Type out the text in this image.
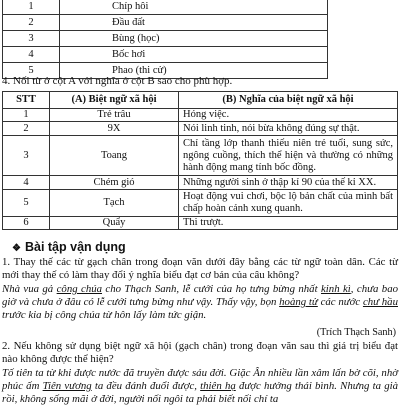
1	Chíp hôi
2	Đầu đất
3	Bùng (học)
4	Bốc hơi
5	Phao (thi cử)
4. Nối từ ở cột A với nghĩa ở cột B sao cho phù hợp.
STT	(A) Biệt ngữ xã hội	(B) Nghĩa của biệt ngữ xã hội
1	Trẻ trâu	Hóng việc.
2	9X	Nói linh tinh, nói bừa không đúng sự thật.
3	Toang	Chỉ tầng lớp thanh thiếu niên trẻ tuổi, sung sức, ngông cuồng, thích thể hiện và thường có những hành động mang tính bốc đồng.
4	Chém gió	Những người sinh ở thập kỉ 90 của thế kỉ XX.
5	Tạch	Hoạt động vui chơi, bộc lộ bản chất của mình bất chấp hoàn cảnh xung quanh.
6	Quẩy	Thi trượt.
❖ Bài tập vận dụng
1. Thay thế các từ gạch chân trong đoạn văn dưới đây bằng các từ ngữ toàn dân. Các từ mới thay thế có làm thay đổi ý nghĩa biểu đạt cơ bản của câu không?
Nhà vua gả công chúa cho Thạch Sanh, lễ cưới của họ tưng bừng nhất kinh kì, chưa bao giờ và chưa ở đâu có lễ cưới tưng bừng như vậy. Thấy vậy, bọn hoàng tử các nước chư hầu trước kia bị công chúa từ hôn lấy làm tức giận.
(Trích Thạch Sanh)
2. Nếu không sử dụng biệt ngữ xã hội (gạch chân) trong đoạn văn sau thì giá trị biểu đạt nào không được thể hiện?
Tố tiên ta từ khi được nước đã truyền được sáu đời. Giặc Ân nhiều lần xâm lấn bờ cõi, nhờ phúc ấm Tiên vương ta đều đánh đuổi được, thiên hạ được hưởng thái bình. Nhưng ta già rồi, không sống mãi ở đời, người nối ngôi ta phải biết nối chí ta
